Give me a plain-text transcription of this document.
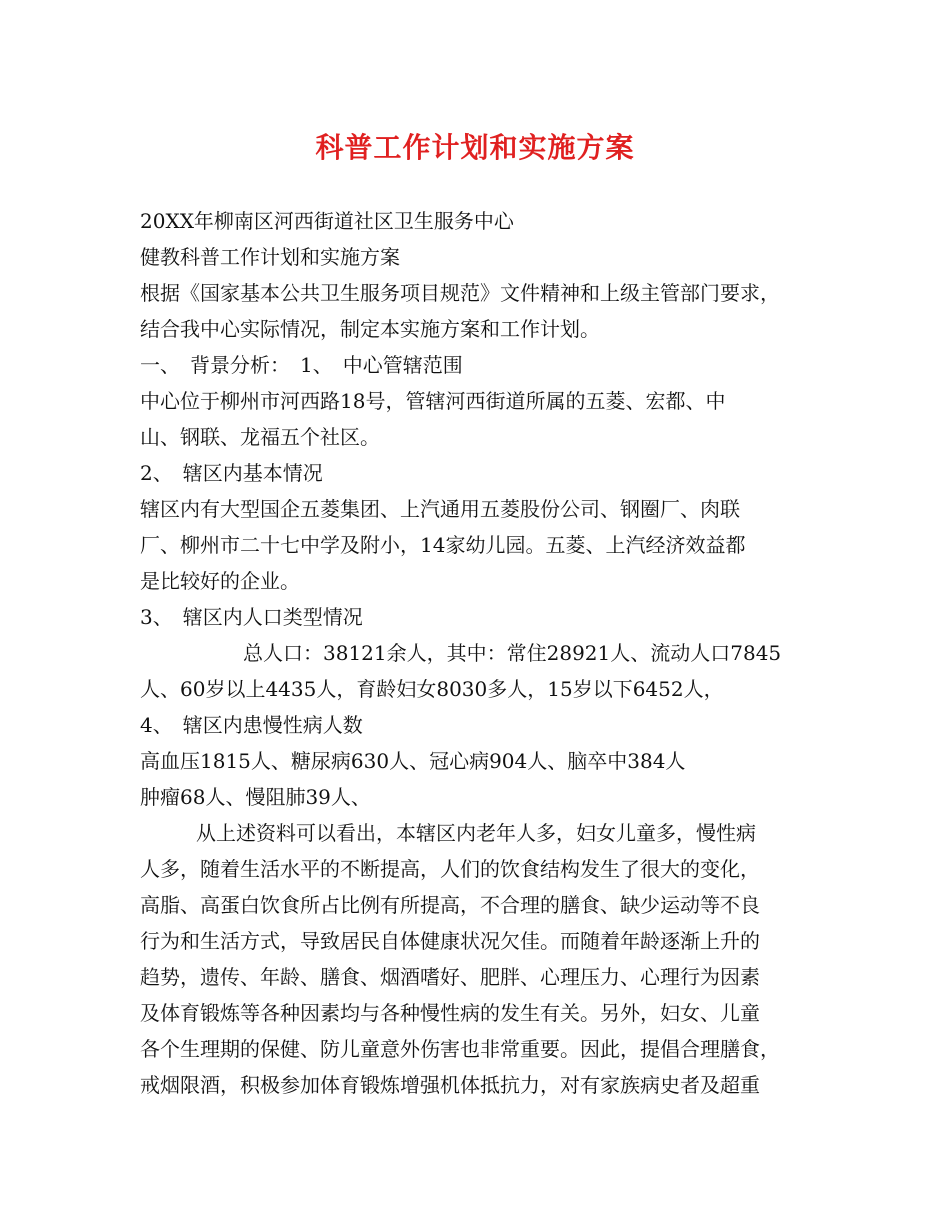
科普工作计划和实施方案

20XX年柳南区河西街道社区卫生服务中心

健教科普工作计划和实施方案

根据《国家基本公共卫生服务项目规范》文件精神和上级主管部门要求，

结合我中心实际情况，制定本实施方案和工作计划。

一、　背景分析：　1、　中心管辖范围

中心位于柳州市河西路18号，管辖河西街道所属的五菱、宏都、中

山、钢联、龙福五个社区。

2、　辖区内基本情况

辖区内有大型国企五菱集团、上汽通用五菱股份公司、钢圈厂、肉联

厂、柳州市二十七中学及附小，14家幼儿园。五菱、上汽经济效益都

是比较好的企业。

3、　辖区内人口类型情况

总人口：38121余人，其中：常住28921人、流动人口7845

人、60岁以上4435人，育龄妇女8030多人，15岁以下6452人，

4、　辖区内患慢性病人数

高血压1815人、糖尿病630人、冠心病904人、脑卒中384人

肿瘤68人、慢阻肺39人、

从上述资料可以看出，本辖区内老年人多，妇女儿童多，慢性病

人多，随着生活水平的不断提高，人们的饮食结构发生了很大的变化，

高脂、高蛋白饮食所占比例有所提高，不合理的膳食、缺少运动等不良

行为和生活方式，导致居民自体健康状况欠佳。而随着年龄逐渐上升的

趋势，遗传、年龄、膳食、烟酒嗜好、肥胖、心理压力、心理行为因素

及体育锻炼等各种因素均与各种慢性病的发生有关。另外，妇女、儿童

各个生理期的保健、防儿童意外伤害也非常重要。因此，提倡合理膳食，

戒烟限酒，积极参加体育锻炼增强机体抵抗力，对有家族病史者及超重
